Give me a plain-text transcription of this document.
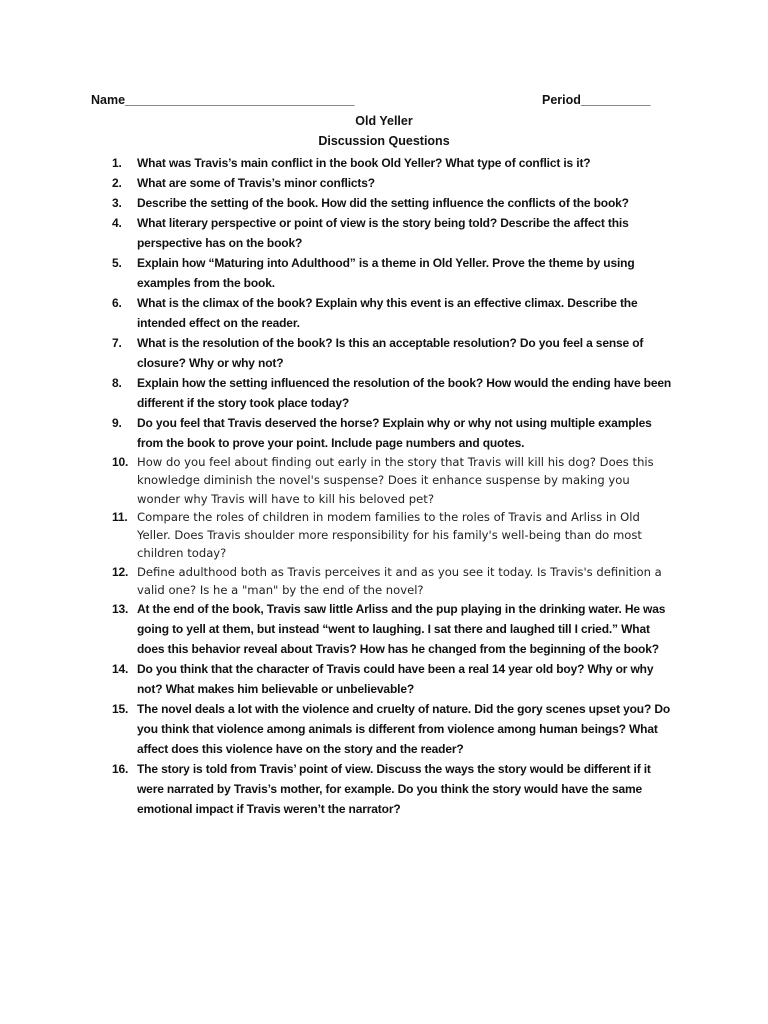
Name_________________________________	Period__________
Old Yeller
Discussion Questions
1.	What was Travis’s main conflict in the book Old Yeller? What type of conflict is it?
2.	What are some of Travis’s minor conflicts?
3.	Describe the setting of the book. How did the setting influence the conflicts of the book?
4.	What literary perspective or point of view is the story being told? Describe the affect this perspective has on the book?
5.	Explain how “Maturing into Adulthood” is a theme in Old Yeller. Prove the theme by using examples from the book.
6.	What is the climax of the book? Explain why this event is an effective climax. Describe the intended effect on the reader.
7.	What is the resolution of the book? Is this an acceptable resolution? Do you feel a sense of closure? Why or why not?
8.	Explain how the setting influenced the resolution of the book? How would the ending have been different if the story took place today?
9.	Do you feel that Travis deserved the horse? Explain why or why not using multiple examples from the book to prove your point. Include page numbers and quotes.
10. How do you feel about finding out early in the story that Travis will kill his dog? Does this knowledge diminish the novel's suspense? Does it enhance suspense by making you wonder why Travis will have to kill his beloved pet?
11. Compare the roles of children in modem families to the roles of Travis and Arliss in Old Yeller. Does Travis shoulder more responsibility for his family's well-being than do most children today?
12. Define adulthood both as Travis perceives it and as you see it today. Is Travis's definition a valid one? Is he a "man" by the end of the novel?
13. At the end of the book, Travis saw little Arliss and the pup playing in the drinking water. He was going to yell at them, but instead “went to laughing. I sat there and laughed till I cried.” What does this behavior reveal about Travis? How has he changed from the beginning of the book?
14. Do you think that the character of Travis could have been a real 14 year old boy? Why or why not? What makes him believable or unbelievable?
15. The novel deals a lot with the violence and cruelty of nature. Did the gory scenes upset you? Do you think that violence among animals is different from violence among human beings? What affect does this violence have on the story and the reader?
16. The story is told from Travis’ point of view. Discuss the ways the story would be different if it were narrated by Travis’s mother, for example. Do you think the story would have the same emotional impact if Travis weren’t the narrator?
